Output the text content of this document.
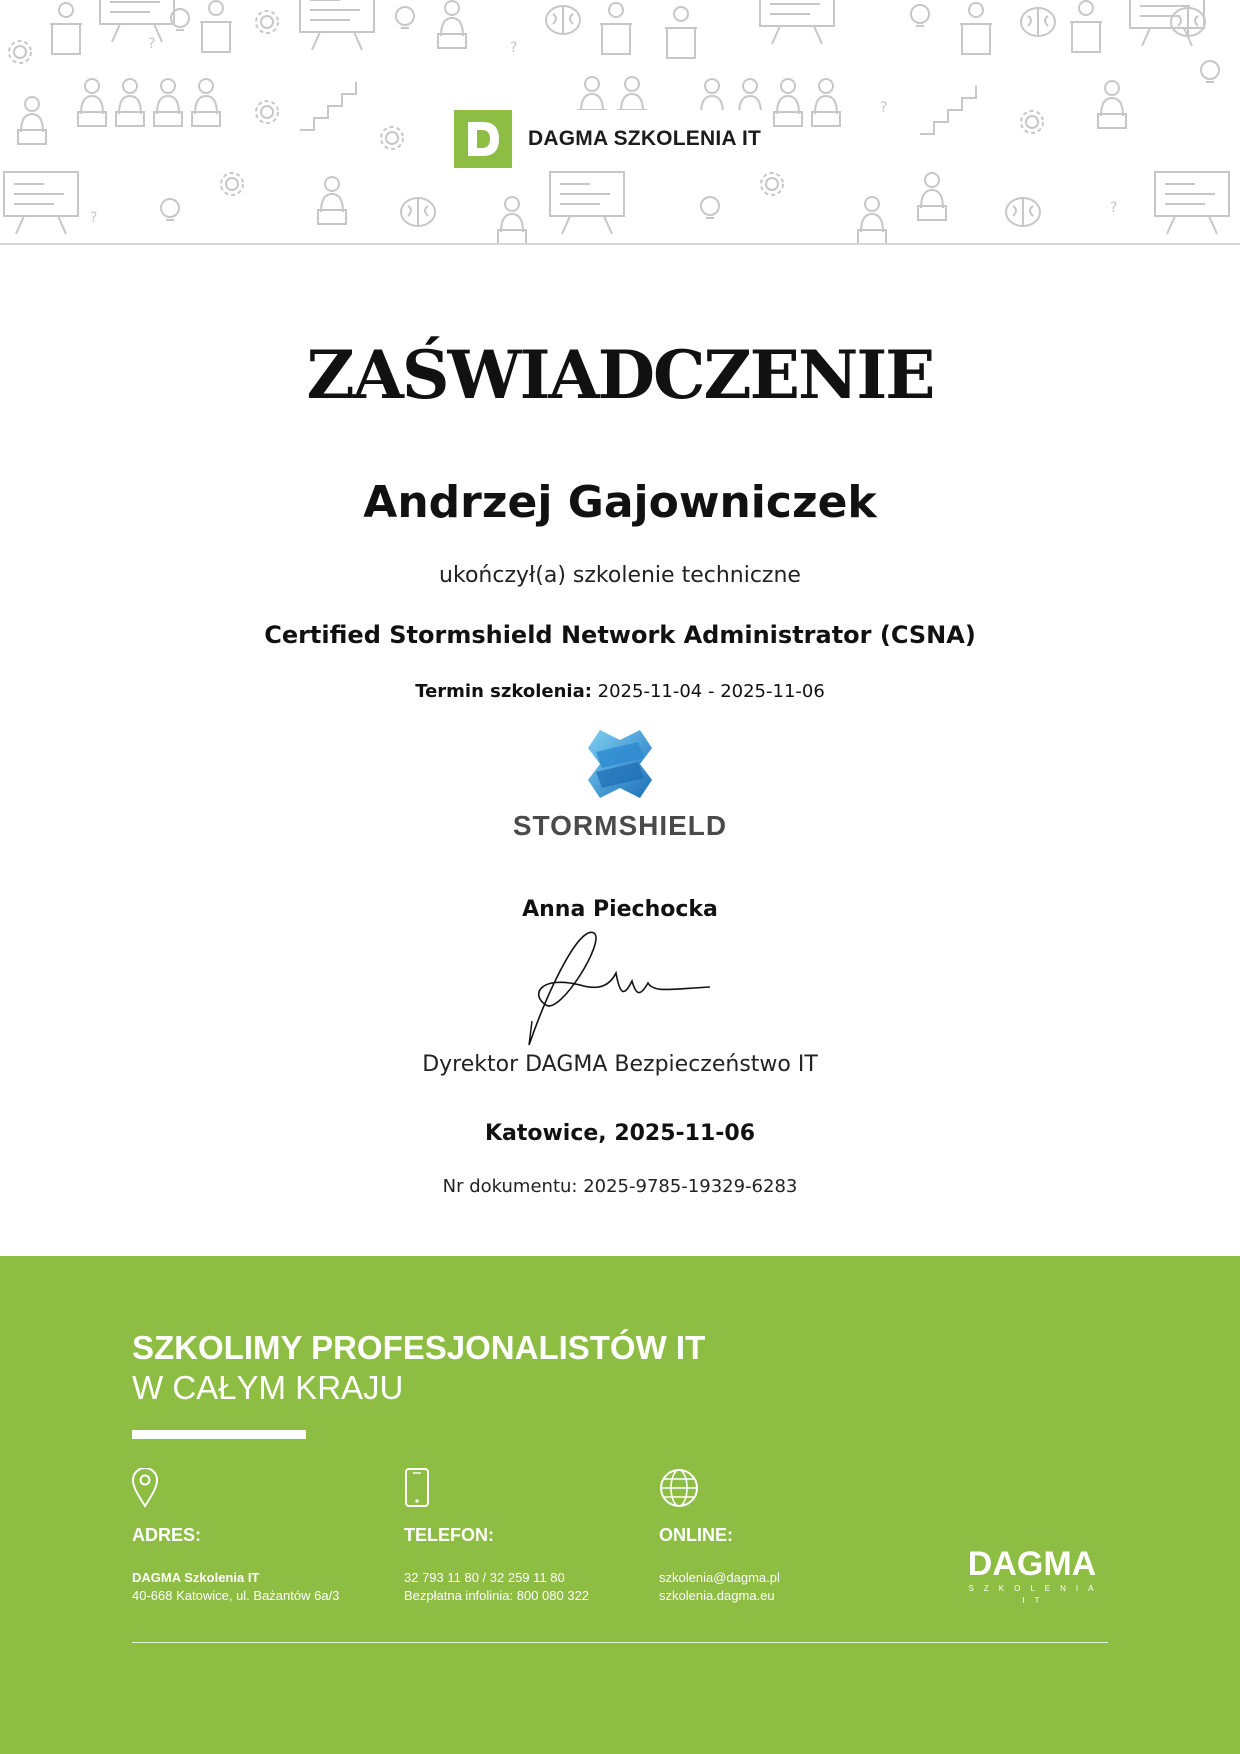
?
DAGMA SZKOLENIA IT
ZAŚWIADCZENIE
Andrzej Gajowniczek
ukończył(a) szkolenie techniczne
Certified Stormshield Network Administrator (CSNA)
Termin szkolenia: 2025-11-04 - 2025-11-06
STORMSHIELD
Anna Piechocka
Dyrektor DAGMA Bezpieczeństwo IT
Katowice, 2025-11-06
Nr dokumentu: 2025-9785-19329-6283
SZKOLIMY PROFESJONALISTÓW IT
W CAŁYM KRAJU
ADRES:
DAGMA Szkolenia IT
40-668 Katowice, ul. Bażantów 6a/3
TELEFON:
32 793 11 80 / 32 259 11 80
Bezpłatna infolinia: 800 080 322
ONLINE:
szkolenia@dagma.pl
szkolenia.dagma.eu
DAGMA
SZKOLENIA IT
